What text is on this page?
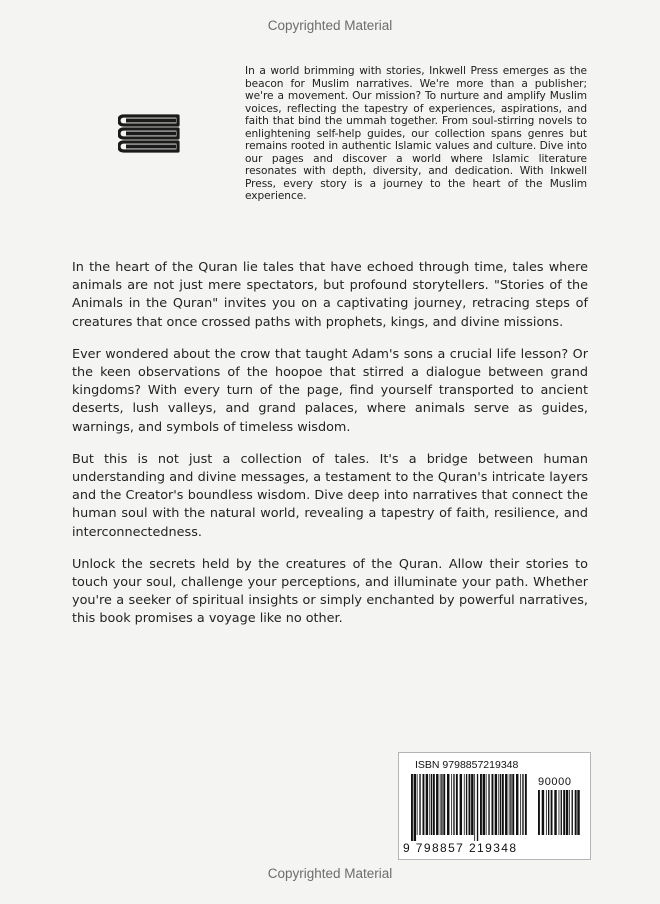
Copyrighted Material
In a world brimming with stories, Inkwell Press emerges as the beacon for Muslim narratives. We're more than a publisher; we're a movement. Our mission? To nurture and amplify Muslim voices, reflecting the tapestry of experiences, aspirations, and faith that bind the ummah together. From soul-stirring novels to enlightening self-help guides, our collection spans genres but remains rooted in authentic Islamic values and culture. Dive into our pages and discover a world where Islamic literature resonates with depth, diversity, and dedication. With Inkwell Press, every story is a journey to the heart of the Muslim experience.

In the heart of the Quran lie tales that have echoed through time, tales where animals are not just mere spectators, but profound storytellers. "Stories of the Animals in the Quran" invites you on a captivating journey, retracing steps of creatures that once crossed paths with prophets, kings, and divine missions.

Ever wondered about the crow that taught Adam's sons a crucial life lesson? Or the keen observations of the hoopoe that stirred a dialogue between grand kingdoms? With every turn of the page, find yourself transported to ancient deserts, lush valleys, and grand palaces, where animals serve as guides, warnings, and symbols of timeless wisdom.

But this is not just a collection of tales. It's a bridge between human understanding and divine messages, a testament to the Quran's intricate layers and the Creator's boundless wisdom. Dive deep into narratives that connect the human soul with the natural world, revealing a tapestry of faith, resilience, and interconnectedness.

Unlock the secrets held by the creatures of the Quran. Allow their stories to touch your soul, challenge your perceptions, and illuminate your path. Whether you're a seeker of spiritual insights or simply enchanted by powerful narratives, this book promises a voyage like no other.

ISBN 9798857219348
90000
9 798857 219348
Copyrighted Material
